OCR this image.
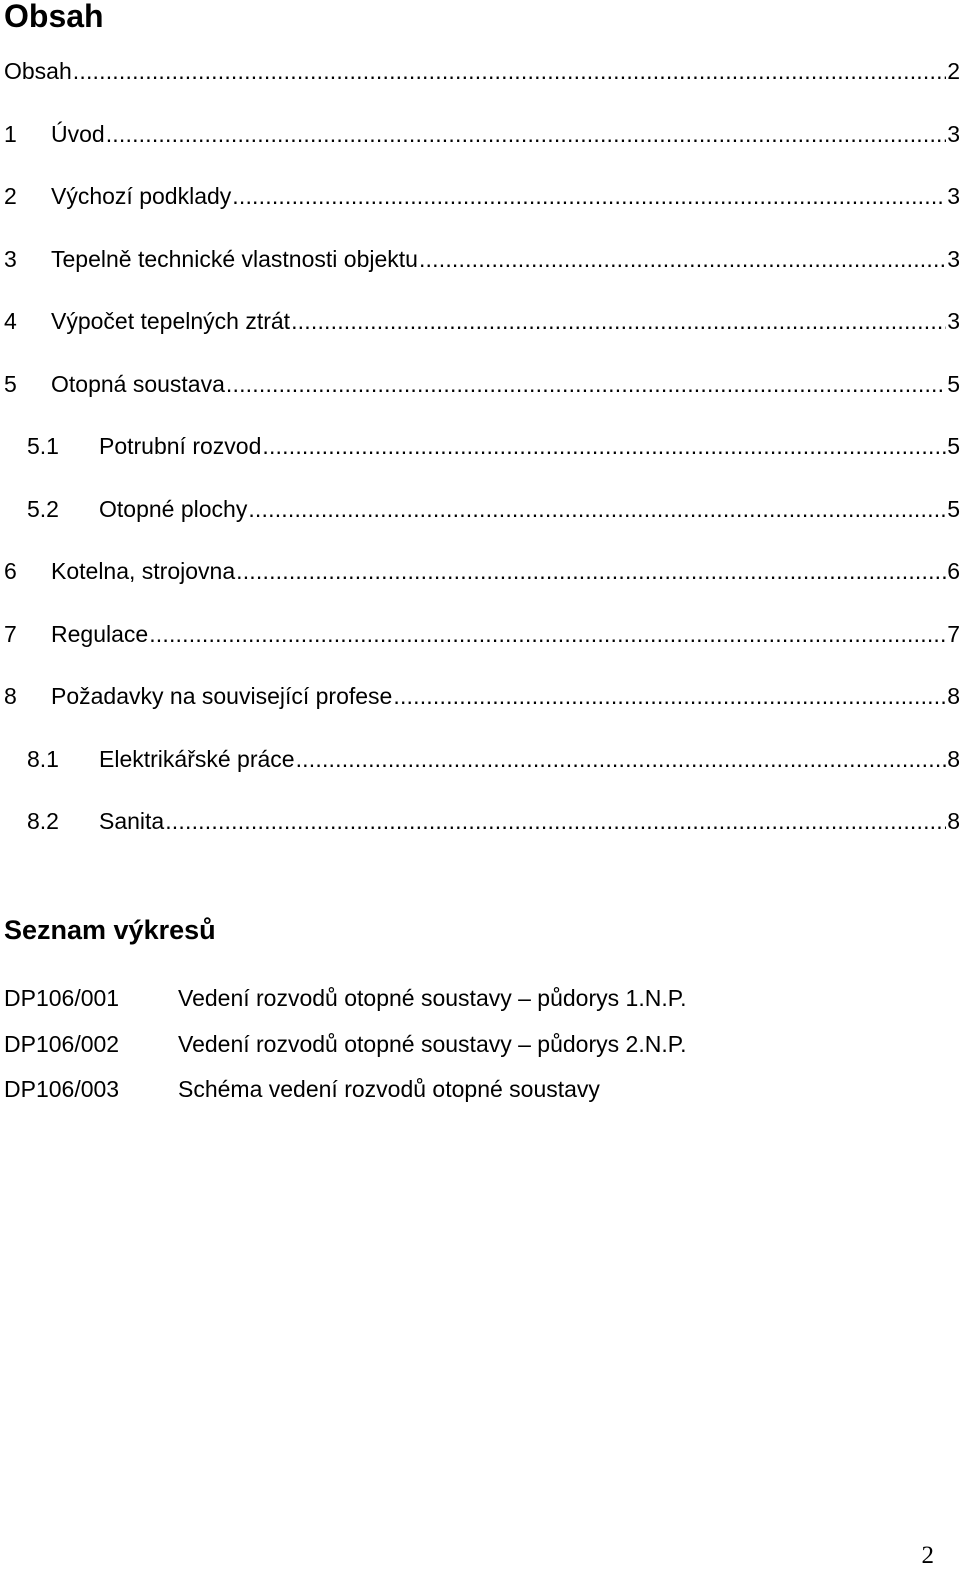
Obsah
Obsah .....	2
1 Úvod .....	3
2 Výchozí podklady .....	3
3 Tepelně technické vlastnosti objektu .....	3
4 Výpočet tepelných ztrát .....	3
5 Otopná soustava .....	5
5.1 Potrubní rozvod .....	5
5.2 Otopné plochy .....	5
6 Kotelna, strojovna .....	6
7 Regulace .....	7
8 Požadavky na související profese .....	8
8.1 Elektrikářské práce .....	8
8.2 Sanita .....	8
Seznam výkresů
DP106/001	Vedení rozvodů otopné soustavy – půdorys 1.N.P.
DP106/002	Vedení rozvodů otopné soustavy – půdorys 2.N.P.
DP106/003	Schéma vedení rozvodů otopné soustavy
2
